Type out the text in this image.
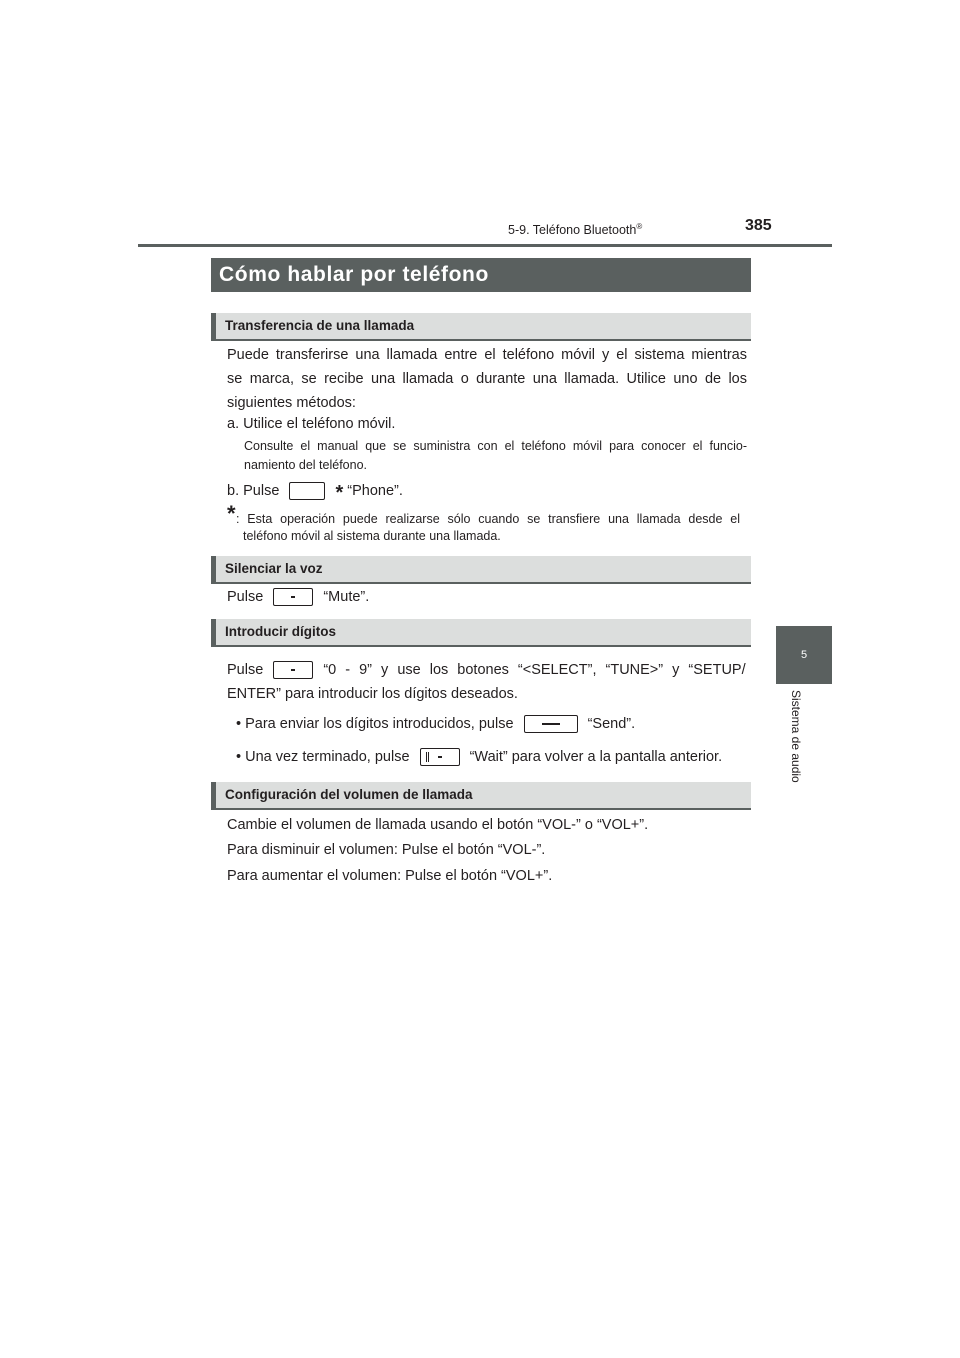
5-9. Teléfono Bluetooth®	385
5
Sistema de audio
Cómo hablar por teléfono
Transferencia de una llamada
Puede transferirse una llamada entre el teléfono móvil y el sistema mientras
se marca, se recibe una llamada o durante una llamada. Utilice uno de los
siguientes métodos:
a. Utilice el teléfono móvil.
Consulte el manual que se suministra con el teléfono móvil para conocer el funcio-
namiento del teléfono.
b. Pulse	* “Phone”.
* : Esta operación puede realizarse sólo cuando se transfiere una llamada desde el
teléfono móvil al sistema durante una llamada.
Silenciar la voz
Pulse	“Mute”.
Introducir dígitos
Pulse	“0 - 9” y use los botones “<SELECT”, “TUNE>” y “SETUP/
ENTER” para introducir los dígitos deseados.
• Para enviar los dígitos introducidos, pulse	“Send”.
• Una vez terminado, pulse	“Wait” para volver a la pantalla anterior.
Configuración del volumen de llamada
Cambie el volumen de llamada usando el botón “VOL-” o “VOL+”.
Para disminuir el volumen: Pulse el botón “VOL-”.
Para aumentar el volumen: Pulse el botón “VOL+”.
